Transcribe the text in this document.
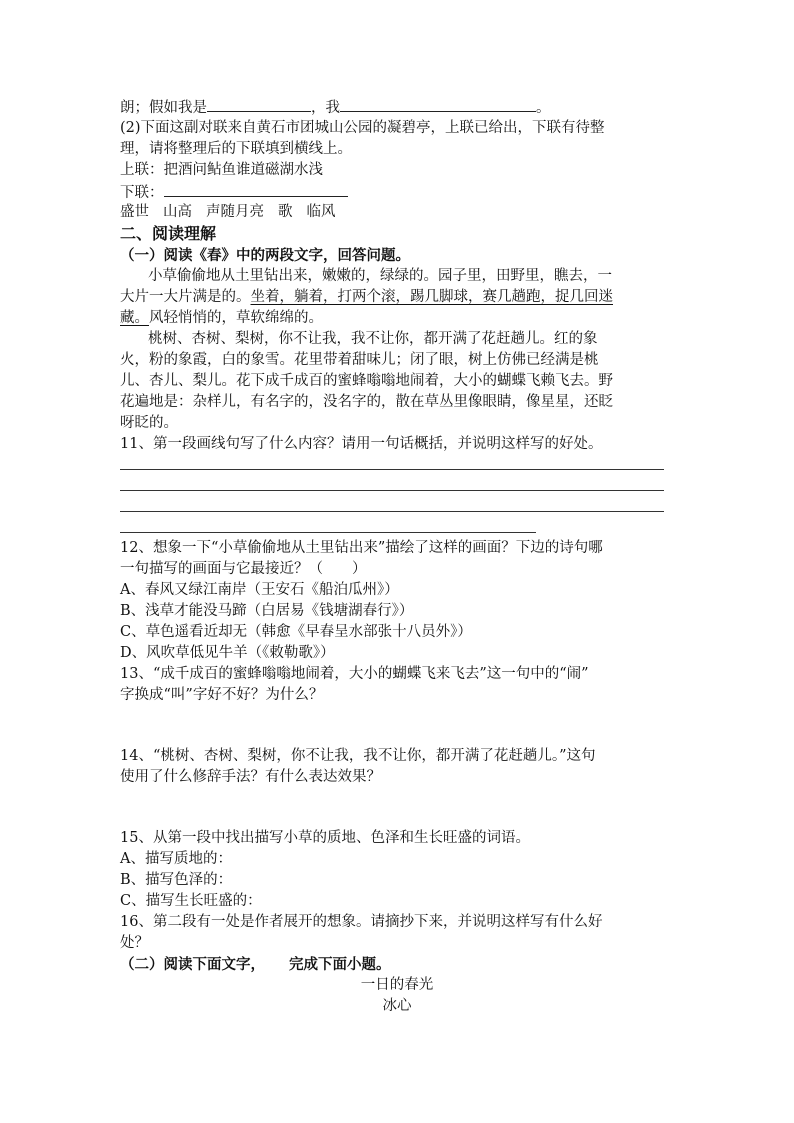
朗；假如我是	，我	。
(2)下面这副对联来自黄石市团城山公园的凝碧亭，上联已给出，下联有待整
理，请将整理后的下联填到横线上。
上联：把酒问鲇鱼谁道磁湖水浅
下联：
盛世 山高 声随月亮 歌 临风
二、阅读理解
（一）阅读《春》中的两段文字，回答问题。
小草偷偷地从土里钻出来，嫩嫩的，绿绿的。园子里，田野里，瞧去，一
大片一大片满是的。坐着，躺着，打两个滚，踢几脚球，赛几趟跑，捉几回迷
藏。风轻悄悄的，草软绵绵的。
桃树、杏树、梨树，你不让我，我不让你，都开满了花赶趟儿。红的象
火，粉的象霞，白的象雪。花里带着甜味儿；闭了眼，树上仿佛已经满是桃
儿、杏儿、梨儿。花下成千成百的蜜蜂嗡嗡地闹着，大小的蝴蝶飞赖飞去。野
花遍地是：杂样儿，有名字的，没名字的，散在草丛里像眼睛，像星星，还眨
呀眨的。
11、第一段画线句写了什么内容？请用一句话概括，并说明这样写的好处。
12、想象一下“小草偷偷地从土里钻出来”描绘了这样的画面？下边的诗句哪
一句描写的画面与它最接近？（　　）
A、春风又绿江南岸（王安石《船泊瓜州》）
B、浅草才能没马蹄（白居易《钱塘湖春行》）
C、草色遥看近却无（韩愈《早春呈水部张十八员外》）
D、风吹草低见牛羊（《敕勒歌》）
13、“成千成百的蜜蜂嗡嗡地闹着，大小的蝴蝶飞来飞去”这一句中的“闹”
字换成“叫”字好不好？为什么？
14、“桃树、杏树、梨树，你不让我，我不让你，都开满了花赶趟儿。”这句
使用了什么修辞手法？有什么表达效果？
15、从第一段中找出描写小草的质地、色泽和生长旺盛的词语。
A、描写质地的：
B、描写色泽的：
C、描写生长旺盛的：
16、第二段有一处是作者展开的想象。请摘抄下来，并说明这样写有什么好
处？
（二）阅读下面文字， 完成下面小题。
一日的春光
冰心
